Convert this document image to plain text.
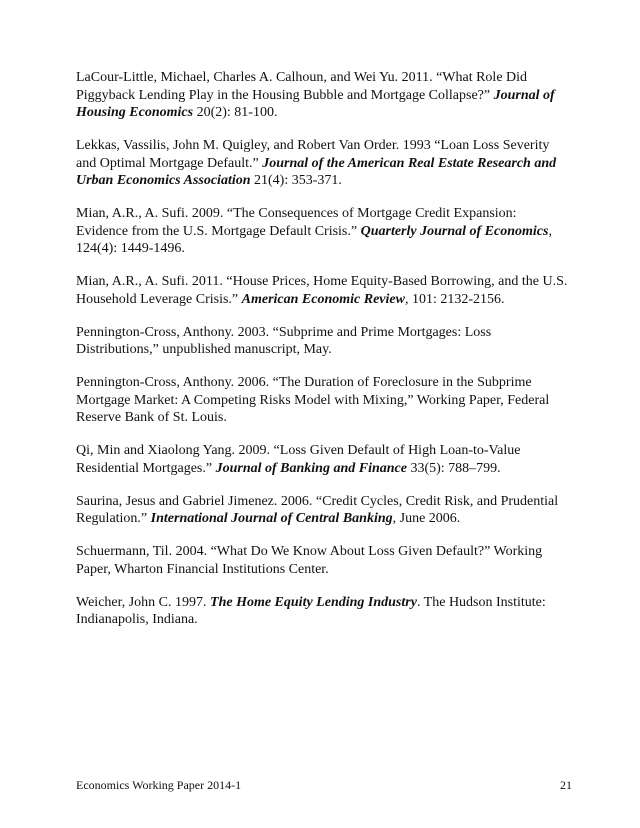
LaCour-Little, Michael, Charles A. Calhoun, and Wei Yu. 2011. “What Role Did Piggyback Lending Play in the Housing Bubble and Mortgage Collapse?” Journal of Housing Economics 20(2): 81-100.

Lekkas, Vassilis, John M. Quigley, and Robert Van Order. 1993 “Loan Loss Severity and Optimal Mortgage Default.” Journal of the American Real Estate Research and Urban Economics Association 21(4): 353-371.

Mian, A.R., A. Sufi. 2009. “The Consequences of Mortgage Credit Expansion: Evidence from the U.S. Mortgage Default Crisis.” Quarterly Journal of Economics, 124(4): 1449-1496.

Mian, A.R., A. Sufi. 2011. “House Prices, Home Equity-Based Borrowing, and the U.S. Household Leverage Crisis.” American Economic Review, 101: 2132-2156.

Pennington-Cross, Anthony. 2003. “Subprime and Prime Mortgages: Loss Distributions,” unpublished manuscript, May.

Pennington-Cross, Anthony. 2006. “The Duration of Foreclosure in the Subprime Mortgage Market: A Competing Risks Model with Mixing,” Working Paper, Federal Reserve Bank of St. Louis.

Qi, Min and Xiaolong Yang. 2009. “Loss Given Default of High Loan-to-Value Residential Mortgages.” Journal of Banking and Finance 33(5): 788–799.

Saurina, Jesus and Gabriel Jimenez. 2006. “Credit Cycles, Credit Risk, and Prudential Regulation.” International Journal of Central Banking, June 2006.

Schuermann, Til. 2004. “What Do We Know About Loss Given Default?” Working Paper, Wharton Financial Institutions Center.

Weicher, John C. 1997. The Home Equity Lending Industry. The Hudson Institute: Indianapolis, Indiana.

Economics Working Paper 2014-1	21
